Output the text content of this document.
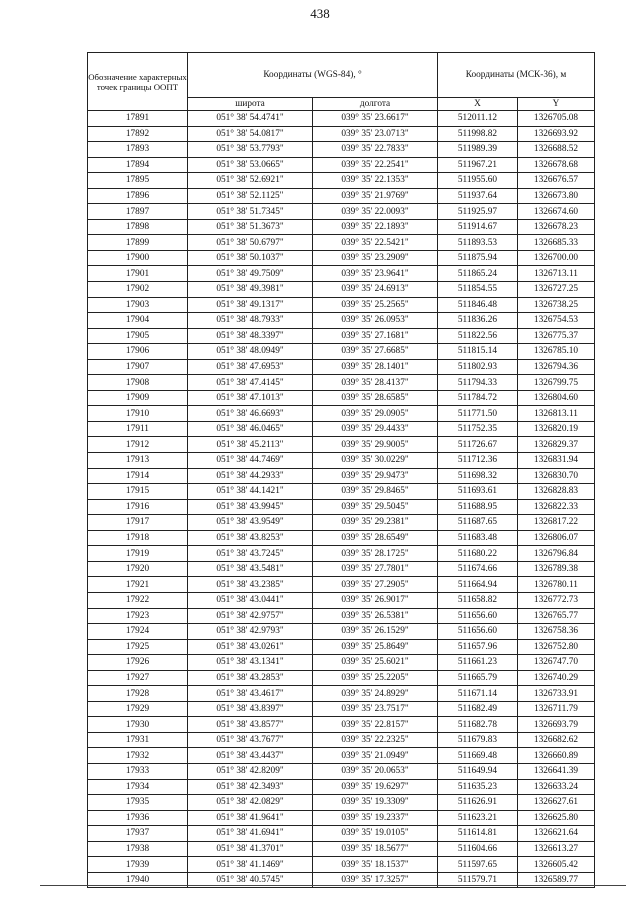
438
Обозначение характерных точек границы ООПТ	Координаты (WGS-84), °		Координаты (МСК-36), м	
	широта	долгота	X	Y
17891	051° 38' 54.4741"	039° 35' 23.6617"	512011.12	1326705.08
17892	051° 38' 54.0817"	039° 35' 23.0713"	511998.82	1326693.92
17893	051° 38' 53.7793"	039° 35' 22.7833"	511989.39	1326688.52
17894	051° 38' 53.0665"	039° 35' 22.2541"	511967.21	1326678.68
17895	051° 38' 52.6921"	039° 35' 22.1353"	511955.60	1326676.57
17896	051° 38' 52.1125"	039° 35' 21.9769"	511937.64	1326673.80
17897	051° 38' 51.7345"	039° 35' 22.0093"	511925.97	1326674.60
17898	051° 38' 51.3673"	039° 35' 22.1893"	511914.67	1326678.23
17899	051° 38' 50.6797"	039° 35' 22.5421"	511893.53	1326685.33
17900	051° 38' 50.1037"	039° 35' 23.2909"	511875.94	1326700.00
17901	051° 38' 49.7509"	039° 35' 23.9641"	511865.24	1326713.11
17902	051° 38' 49.3981"	039° 35' 24.6913"	511854.55	1326727.25
17903	051° 38' 49.1317"	039° 35' 25.2565"	511846.48	1326738.25
17904	051° 38' 48.7933"	039° 35' 26.0953"	511836.26	1326754.53
17905	051° 38' 48.3397"	039° 35' 27.1681"	511822.56	1326775.37
17906	051° 38' 48.0949"	039° 35' 27.6685"	511815.14	1326785.10
17907	051° 38' 47.6953"	039° 35' 28.1401"	511802.93	1326794.36
17908	051° 38' 47.4145"	039° 35' 28.4137"	511794.33	1326799.75
17909	051° 38' 47.1013"	039° 35' 28.6585"	511784.72	1326804.60
17910	051° 38' 46.6693"	039° 35' 29.0905"	511771.50	1326813.11
17911	051° 38' 46.0465"	039° 35' 29.4433"	511752.35	1326820.19
17912	051° 38' 45.2113"	039° 35' 29.9005"	511726.67	1326829.37
17913	051° 38' 44.7469"	039° 35' 30.0229"	511712.36	1326831.94
17914	051° 38' 44.2933"	039° 35' 29.9473"	511698.32	1326830.70
17915	051° 38' 44.1421"	039° 35' 29.8465"	511693.61	1326828.83
17916	051° 38' 43.9945"	039° 35' 29.5045"	511688.95	1326822.33
17917	051° 38' 43.9549"	039° 35' 29.2381"	511687.65	1326817.22
17918	051° 38' 43.8253"	039° 35' 28.6549"	511683.48	1326806.07
17919	051° 38' 43.7245"	039° 35' 28.1725"	511680.22	1326796.84
17920	051° 38' 43.5481"	039° 35' 27.7801"	511674.66	1326789.38
17921	051° 38' 43.2385"	039° 35' 27.2905"	511664.94	1326780.11
17922	051° 38' 43.0441"	039° 35' 26.9017"	511658.82	1326772.73
17923	051° 38' 42.9757"	039° 35' 26.5381"	511656.60	1326765.77
17924	051° 38' 42.9793"	039° 35' 26.1529"	511656.60	1326758.36
17925	051° 38' 43.0261"	039° 35' 25.8649"	511657.96	1326752.80
17926	051° 38' 43.1341"	039° 35' 25.6021"	511661.23	1326747.70
17927	051° 38' 43.2853"	039° 35' 25.2205"	511665.79	1326740.29
17928	051° 38' 43.4617"	039° 35' 24.8929"	511671.14	1326733.91
17929	051° 38' 43.8397"	039° 35' 23.7517"	511682.49	1326711.79
17930	051° 38' 43.8577"	039° 35' 22.8157"	511682.78	1326693.79
17931	051° 38' 43.7677"	039° 35' 22.2325"	511679.83	1326682.62
17932	051° 38' 43.4437"	039° 35' 21.0949"	511669.48	1326660.89
17933	051° 38' 42.8209"	039° 35' 20.0653"	511649.94	1326641.39
17934	051° 38' 42.3493"	039° 35' 19.6297"	511635.23	1326633.24
17935	051° 38' 42.0829"	039° 35' 19.3309"	511626.91	1326627.61
17936	051° 38' 41.9641"	039° 35' 19.2337"	511623.21	1326625.80
17937	051° 38' 41.6941"	039° 35' 19.0105"	511614.81	1326621.64
17938	051° 38' 41.3701"	039° 35' 18.5677"	511604.66	1326613.27
17939	051° 38' 41.1469"	039° 35' 18.1537"	511597.65	1326605.42
17940	051° 38' 40.5745"	039° 35' 17.3257"	511579.71	1326589.77
